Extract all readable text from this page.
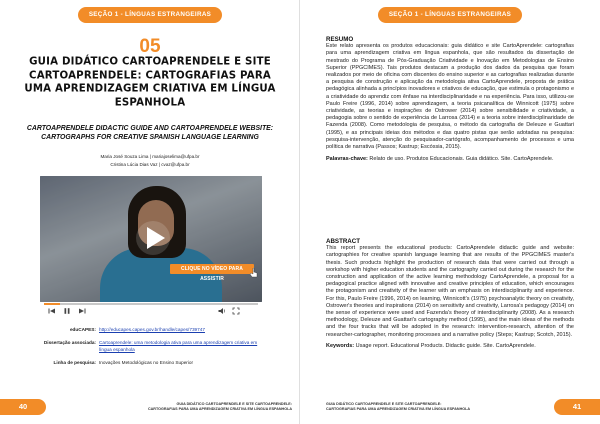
SEÇÃO 1 - LÍNGUAS ESTRANGEIRAS
05
GUIA DIDÁTICO CARTOAPRENDELE E SITE CARTOAPRENDELE: CARTOGRAFIAS PARA UMA APRENDIZAGEM CRIATIVA EM LÍNGUA ESPANHOLA
CARTOAPRENDELE DIDACTIC GUIDE AND CARTOAPRENDELE WEBSITE: CARTOGRAPHS FOR CREATIVE SPANISH LANGUAGE LEARNING
Maria José Souza Lima | mariajoselima@ufpa.br
Cristina Lúcia Dias Vaz | cvaz@ufpa.br
CLIQUE NO VÍDEO PARA ASSISTIR
eduCAPES: http://educapes.capes.gov.br/handle/capes/739747
Dissertação associada: Cartoaprendele: uma metodologia ativa para uma aprendizagem criativa em língua espanhola
Linha de pesquisa: Inovações Metodológicas no Ensino Superior
40	GUIA DIDÁTICO CARTOAPRENDELE E SITE CARTOAPRENDELE:
CARTOGRAFIAS PARA UMA APRENDIZAGEM CRIATIVA EM LÍNGUA ESPANHOLA
SEÇÃO 1 - LÍNGUAS ESTRANGEIRAS
RESUMO
Este relato apresenta os produtos educacionais: guia didático e site CartoAprendele: cartografias para uma aprendizagem criativa em língua espanhola, que são resultados da dissertação de mestrado do Programa de Pós-Graduação Criatividade e Inovação em Metodologias de Ensino Superior (PPGCIMES). Tais produtos destacam a produção dos dados da pesquisa que foram realizados por meio de oficina com discentes do ensino superior e as cartografias realizadas durante a pesquisa de construção e aplicação da metodologia ativa CartoAprendele, proposta de prática pedagógica alinhada a princípios inovadores e criativos de educação, que estimula o protagonismo e a criatividade do aprendiz com ênfase na interdisciplinaridade e na experiência. Para isso, utilizou-se Paulo Freire (1996, 2014) sobre aprendizagem, a teoria psicanalítica de Winnicott (1975) sobre criatividade, as teorias e inspirações de Ostrower (2014) sobre sensibilidade e criatividade, a pedagogia sobre o sentido de experiência de Larrosa (2014) e a teoria sobre interdisciplinaridade de Fazenda (2008). Como metodologia de pesquisa, o método da cartografia de Deleuze e Guattari (1995), e as principais ideias dos métodos e das quatro pistas que serão adotadas na pesquisa: pesquisa-intervenção, atenção do pesquisador-cartógrafo, acompanhamento de processos e uma política de narrativa (Passos; Kastrup; Escóssia, 2015).
Palavras-chave: Relato de uso. Produtos Educacionais. Guia didático. Site. CartoAprendele.
ABSTRACT
This report presents the educational products: CartoAprendele didactic guide and website: cartographies for creative spanish language learning that are results of the PPGCIMES master's thesis. Such products highlight the production of research data that were carried out through a workshop with higher education students and the cartography carried out during the research for the construction and application of the active learning methodology CartoAprendele, a proposal for a pedagogical practice aligned with innovative and creative principles of education, which encourages the protagonism and creativity of the learner with an emphasis on interdisciplinarity and experience. For this, Paulo Freire (1996, 2014) on learning, Winnicott's (1975) psychoanalytic theory on creativity, Ostrower's theories and inspirations (2014) on sensitivity and creativity, Larrosa's pedagogy (2014) on the sense of experience were used and Fazenda's theory of interdisciplinarity (2008). As a research methodology, Deleuze and Guattari's cartography method (1995), and the main ideas of the methods and the four tracks that will be adopted in the research: intervention-research, attention of the researcher-cartographer, monitoring processes and a narrative policy (Steps; Kastrup; Scotch, 2015).
Keywords: Usage report. Educational Products. Didactic guide. Site. CartoAprendele.
GUIA DIDÁTICO CARTOAPRENDELE E SITE CARTOAPRENDELE:
CARTOGRAFIAS PARA UMA APRENDIZAGEM CRIATIVA EM LÍNGUA ESPANHOLA	41
